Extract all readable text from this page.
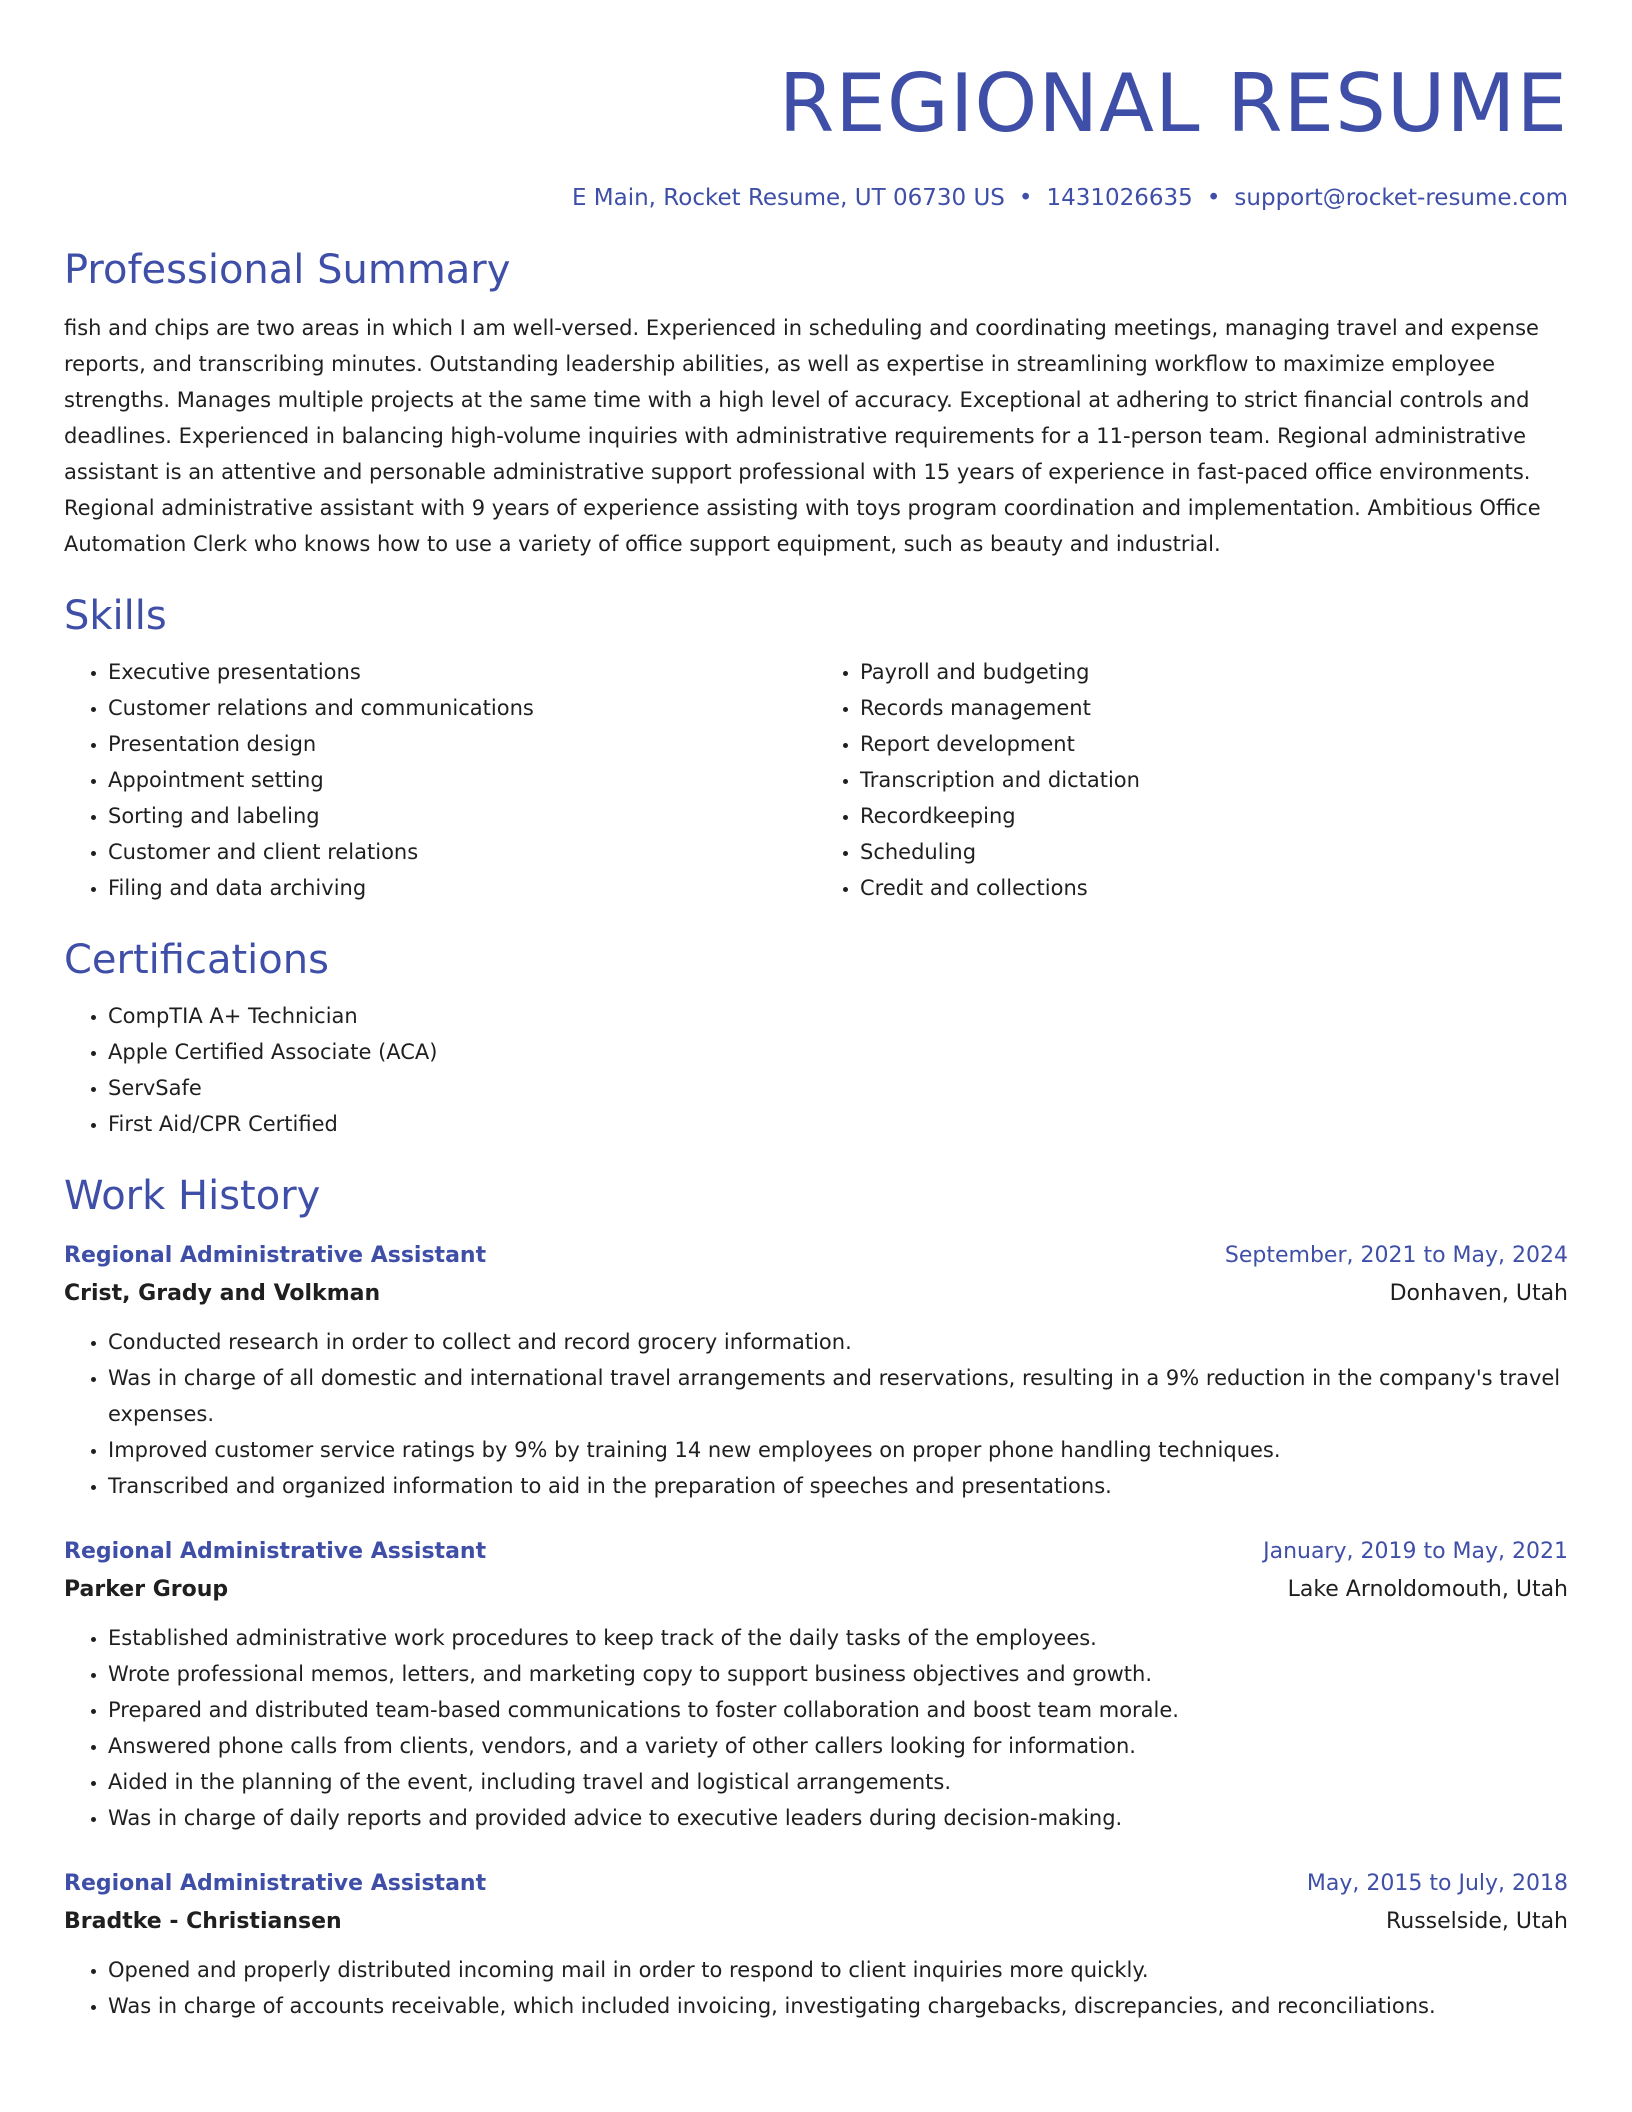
REGIONAL RESUME
E Main, Rocket Resume, UT 06730 US • 1431026635 • support@rocket-resume.com
Professional Summary
fish and chips are two areas in which I am well-versed. Experienced in scheduling and coordinating meetings, managing travel and expense reports, and transcribing minutes. Outstanding leadership abilities, as well as expertise in streamlining workflow to maximize employee strengths. Manages multiple projects at the same time with a high level of accuracy. Exceptional at adhering to strict financial controls and deadlines. Experienced in balancing high-volume inquiries with administrative requirements for a 11-person team. Regional administrative assistant is an attentive and personable administrative support professional with 15 years of experience in fast-paced office environments. Regional administrative assistant with 9 years of experience assisting with toys program coordination and implementation. Ambitious Office Automation Clerk who knows how to use a variety of office support equipment, such as beauty and industrial.
Skills
• Executive presentations
• Customer relations and communications
• Presentation design
• Appointment setting
• Sorting and labeling
• Customer and client relations
• Filing and data archiving
• Payroll and budgeting
• Records management
• Report development
• Transcription and dictation
• Recordkeeping
• Scheduling
• Credit and collections
Certifications
• CompTIA A+ Technician
• Apple Certified Associate (ACA)
• ServSafe
• First Aid/CPR Certified
Work History
Regional Administrative Assistant	September, 2021 to May, 2024
Crist, Grady and Volkman	Donhaven, Utah
• Conducted research in order to collect and record grocery information.
• Was in charge of all domestic and international travel arrangements and reservations, resulting in a 9% reduction in the company's travel expenses.
• Improved customer service ratings by 9% by training 14 new employees on proper phone handling techniques.
• Transcribed and organized information to aid in the preparation of speeches and presentations.
Regional Administrative Assistant	January, 2019 to May, 2021
Parker Group	Lake Arnoldomouth, Utah
• Established administrative work procedures to keep track of the daily tasks of the employees.
• Wrote professional memos, letters, and marketing copy to support business objectives and growth.
• Prepared and distributed team-based communications to foster collaboration and boost team morale.
• Answered phone calls from clients, vendors, and a variety of other callers looking for information.
• Aided in the planning of the event, including travel and logistical arrangements.
• Was in charge of daily reports and provided advice to executive leaders during decision-making.
Regional Administrative Assistant	May, 2015 to July, 2018
Bradtke - Christiansen	Russelside, Utah
• Opened and properly distributed incoming mail in order to respond to client inquiries more quickly.
• Was in charge of accounts receivable, which included invoicing, investigating chargebacks, discrepancies, and reconciliations.
